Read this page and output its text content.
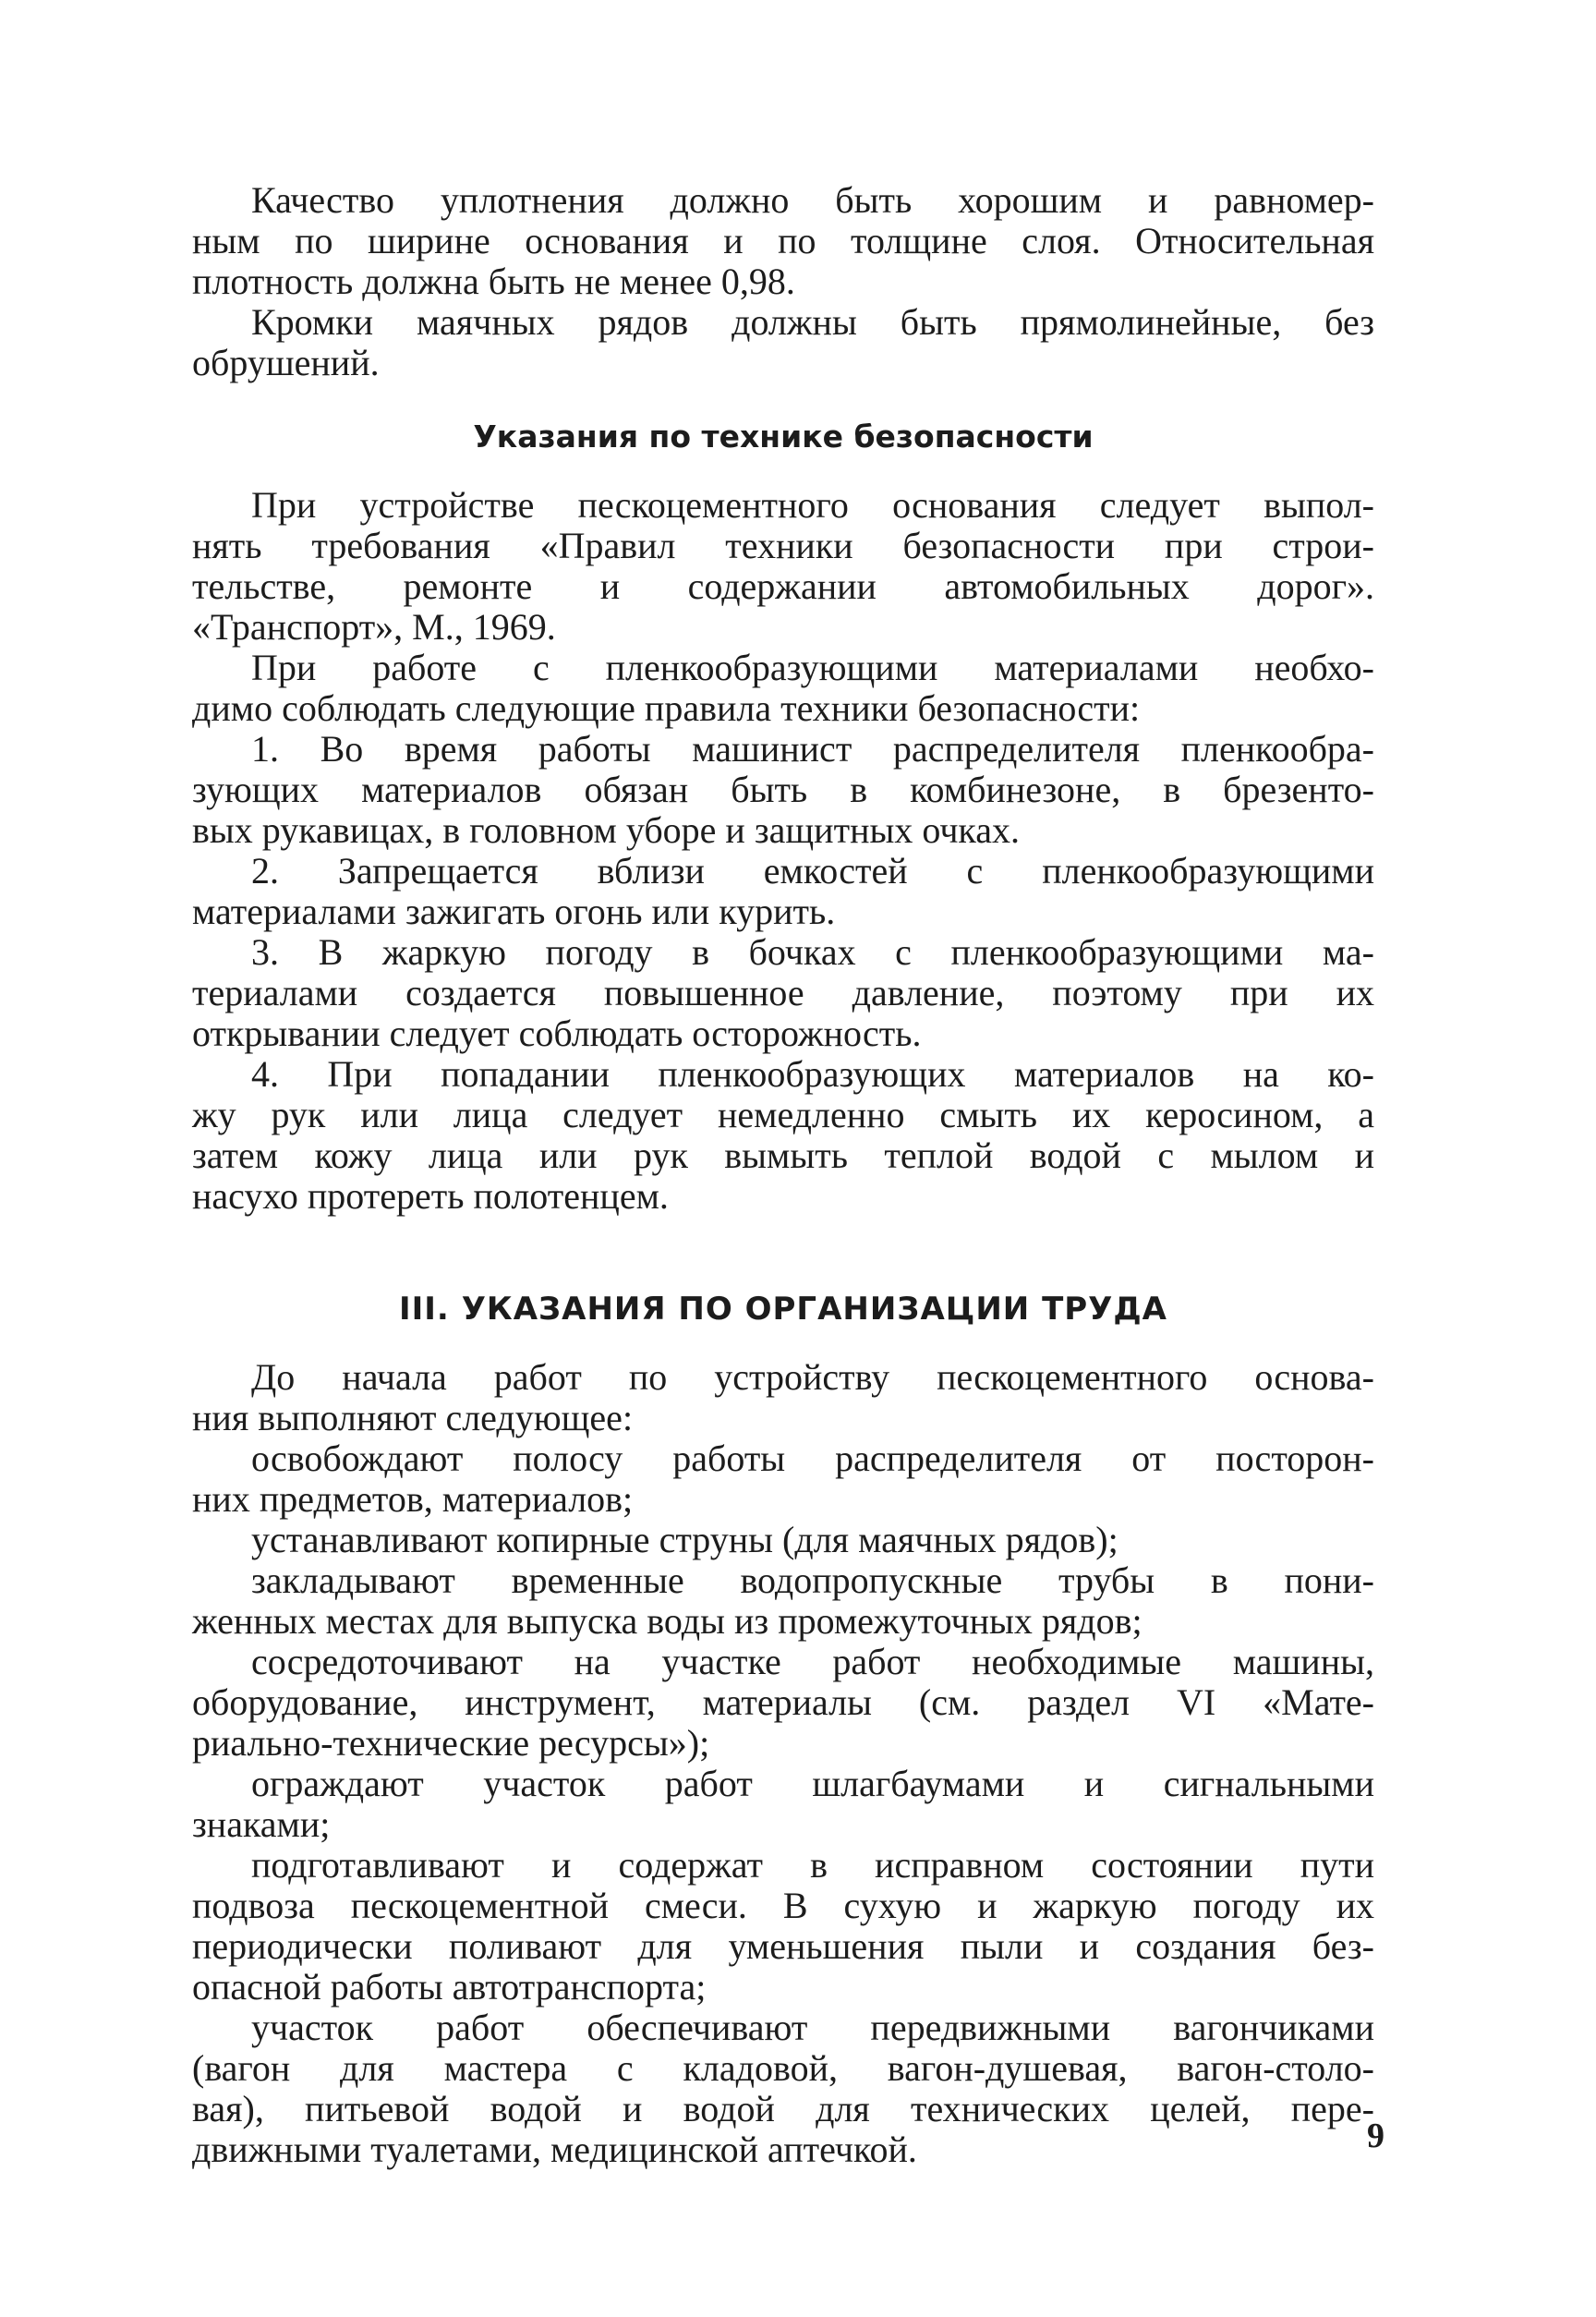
Качество уплотнения должно быть хорошим и равномер-
ным по ширине основания и по толщине слоя. Относительная
плотность должна быть не менее 0,98.
Кромки маячных рядов должны быть прямолинейные, без
обрушений.
Указания по технике безопасности
При устройстве пескоцементного основания следует выпол-
нять требования «Правил техники безопасности при строи-
тельстве, ремонте и содержании автомобильных дорог».
«Транспорт», М., 1969.
При работе с пленкообразующими материалами необхо-
димо соблюдать следующие правила техники безопасности:
1. Во время работы машинист распределителя пленкообра-
зующих материалов обязан быть в комбинезоне, в брезенто-
вых рукавицах, в головном уборе и защитных очках.
2. Запрещается вблизи емкостей с пленкообразующими
материалами зажигать огонь или курить.
3. В жаркую погоду в бочках с пленкообразующими ма-
териалами создается повышенное давление, поэтому при их
открывании следует соблюдать осторожность.
4. При попадании пленкообразующих материалов на ко-
жу рук или лица следует немедленно смыть их керосином, а
затем кожу лица или рук вымыть теплой водой с мылом и
насухо протереть полотенцем.
III. УКАЗАНИЯ ПО ОРГАНИЗАЦИИ ТРУДА
До начала работ по устройству пескоцементного основа-
ния выполняют следующее:
освобождают полосу работы распределителя от посторон-
них предметов, материалов;
устанавливают копирные струны (для маячных рядов);
закладывают временные водопропускные трубы в пони-
женных местах для выпуска воды из промежуточных рядов;
сосредоточивают на участке работ необходимые машины,
оборудование, инструмент, материалы (см. раздел VI «Мате-
риально-технические ресурсы»);
ограждают участок работ шлагбаумами и сигнальными
знаками;
подготавливают и содержат в исправном состоянии пути
подвоза пескоцементной смеси. В сухую и жаркую погоду их
периодически поливают для уменьшения пыли и создания без-
опасной работы автотранспорта;
участок работ обеспечивают передвижными вагончиками
(вагон для мастера с кладовой, вагон-душевая, вагон-столо-
вая), питьевой водой и водой для технических целей, пере-
движными туалетами, медицинской аптечкой.	9
